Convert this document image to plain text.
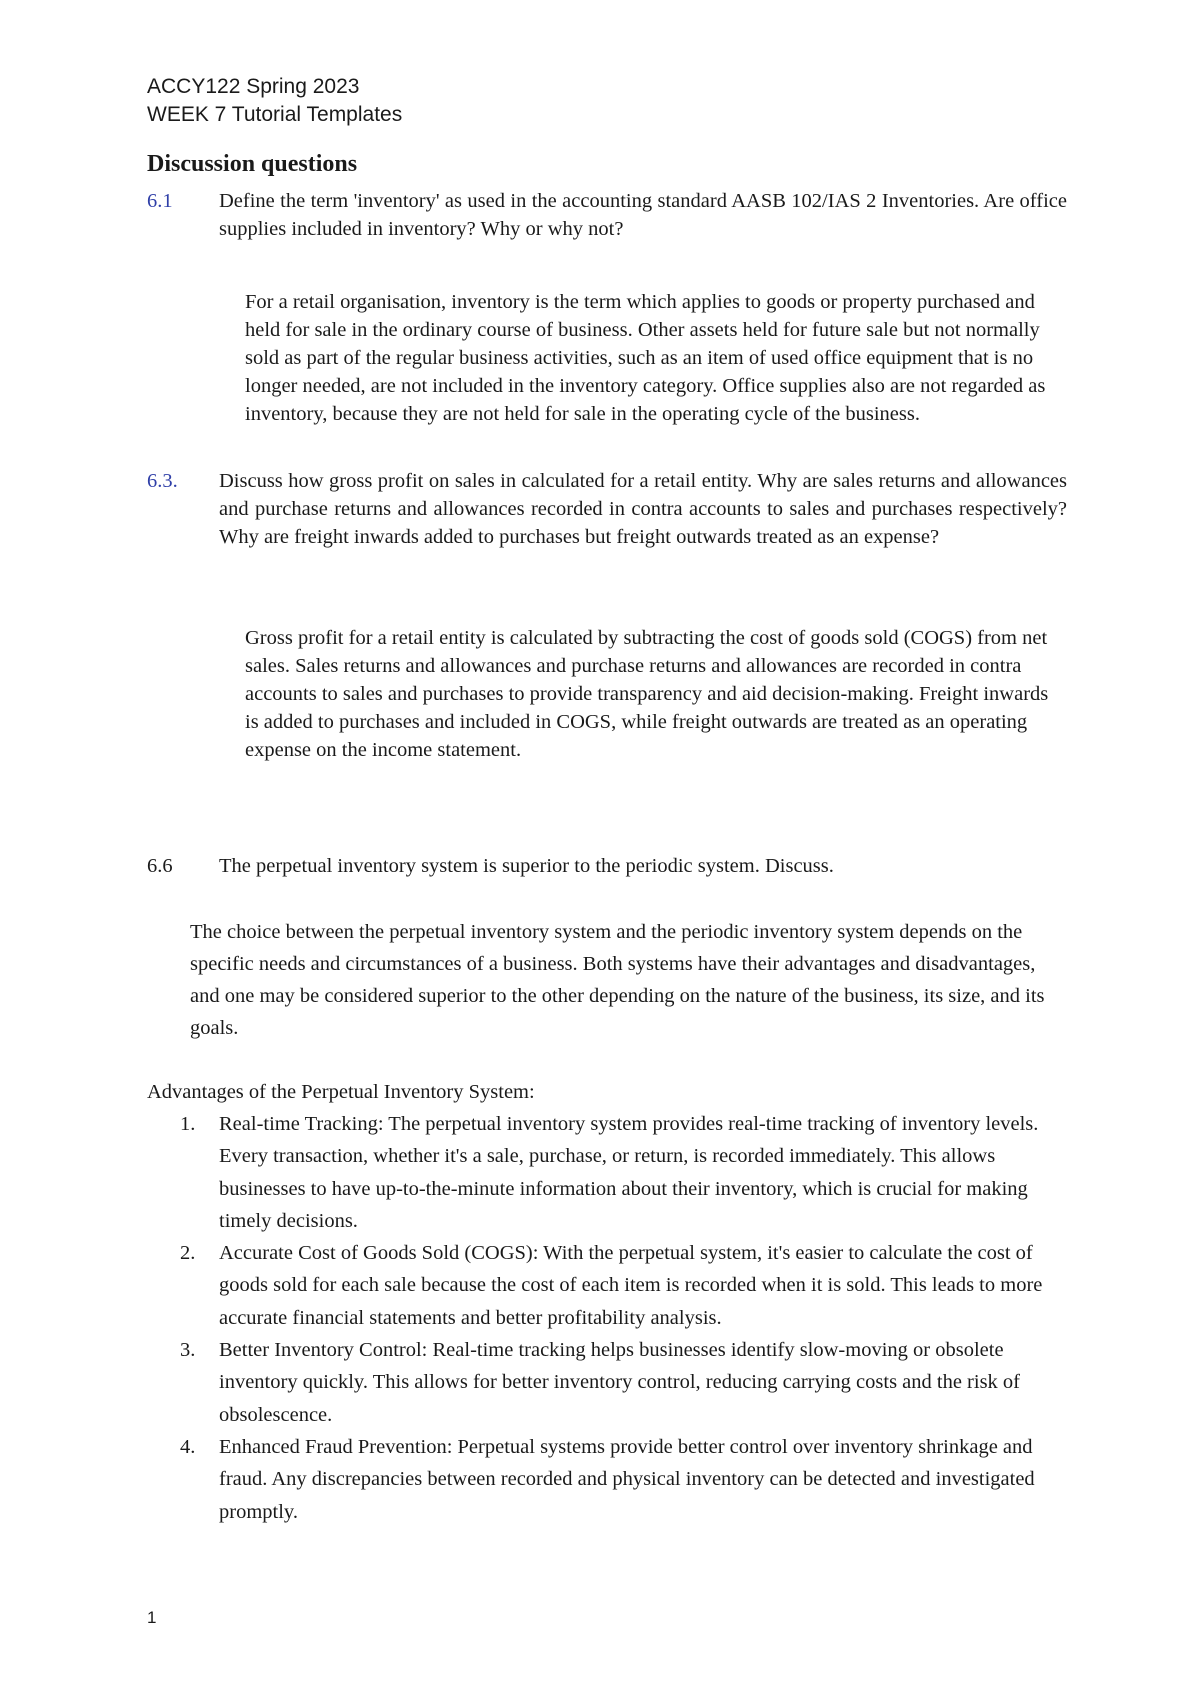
ACCY122 Spring 2023

WEEK 7 Tutorial Templates

Discussion questions
6.1 Define the term 'inventory' as used in the accounting standard AASB 102/IAS 2 Inventories. Are office supplies included in inventory? Why or why not?
For a retail organisation, inventory is the term which applies to goods or property purchased and held for sale in the ordinary course of business. Other assets held for future sale but not normally sold as part of the regular business activities, such as an item of used office equipment that is no longer needed, are not included in the inventory category. Office supplies also are not regarded as inventory, because they are not held for sale in the operating cycle of the business.
6.3. Discuss how gross profit on sales in calculated for a retail entity. Why are sales returns and allowances and purchase returns and allowances recorded in contra accounts to sales and purchases respectively? Why are freight inwards added to purchases but freight outwards treated as an expense?
Gross profit for a retail entity is calculated by subtracting the cost of goods sold (COGS) from net sales. Sales returns and allowances and purchase returns and allowances are recorded in contra accounts to sales and purchases to provide transparency and aid decision-making. Freight inwards is added to purchases and included in COGS, while freight outwards are treated as an operating expense on the income statement.
6.6 The perpetual inventory system is superior to the periodic system. Discuss.
The choice between the perpetual inventory system and the periodic inventory system depends on the specific needs and circumstances of a business. Both systems have their advantages and disadvantages, and one may be considered superior to the other depending on the nature of the business, its size, and its goals.

Advantages of the Perpetual Inventory System:

1. Real-time Tracking: The perpetual inventory system provides real-time tracking of inventory levels. Every transaction, whether it's a sale, purchase, or return, is recorded immediately. This allows businesses to have up-to-the-minute information about their inventory, which is crucial for making timely decisions.
2. Accurate Cost of Goods Sold (COGS): With the perpetual system, it's easier to calculate the cost of goods sold for each sale because the cost of each item is recorded when it is sold. This leads to more accurate financial statements and better profitability analysis.
3. Better Inventory Control: Real-time tracking helps businesses identify slow-moving or obsolete inventory quickly. This allows for better inventory control, reducing carrying costs and the risk of obsolescence.
4. Enhanced Fraud Prevention: Perpetual systems provide better control over inventory shrinkage and fraud. Any discrepancies between recorded and physical inventory can be detected and investigated promptly.
1
